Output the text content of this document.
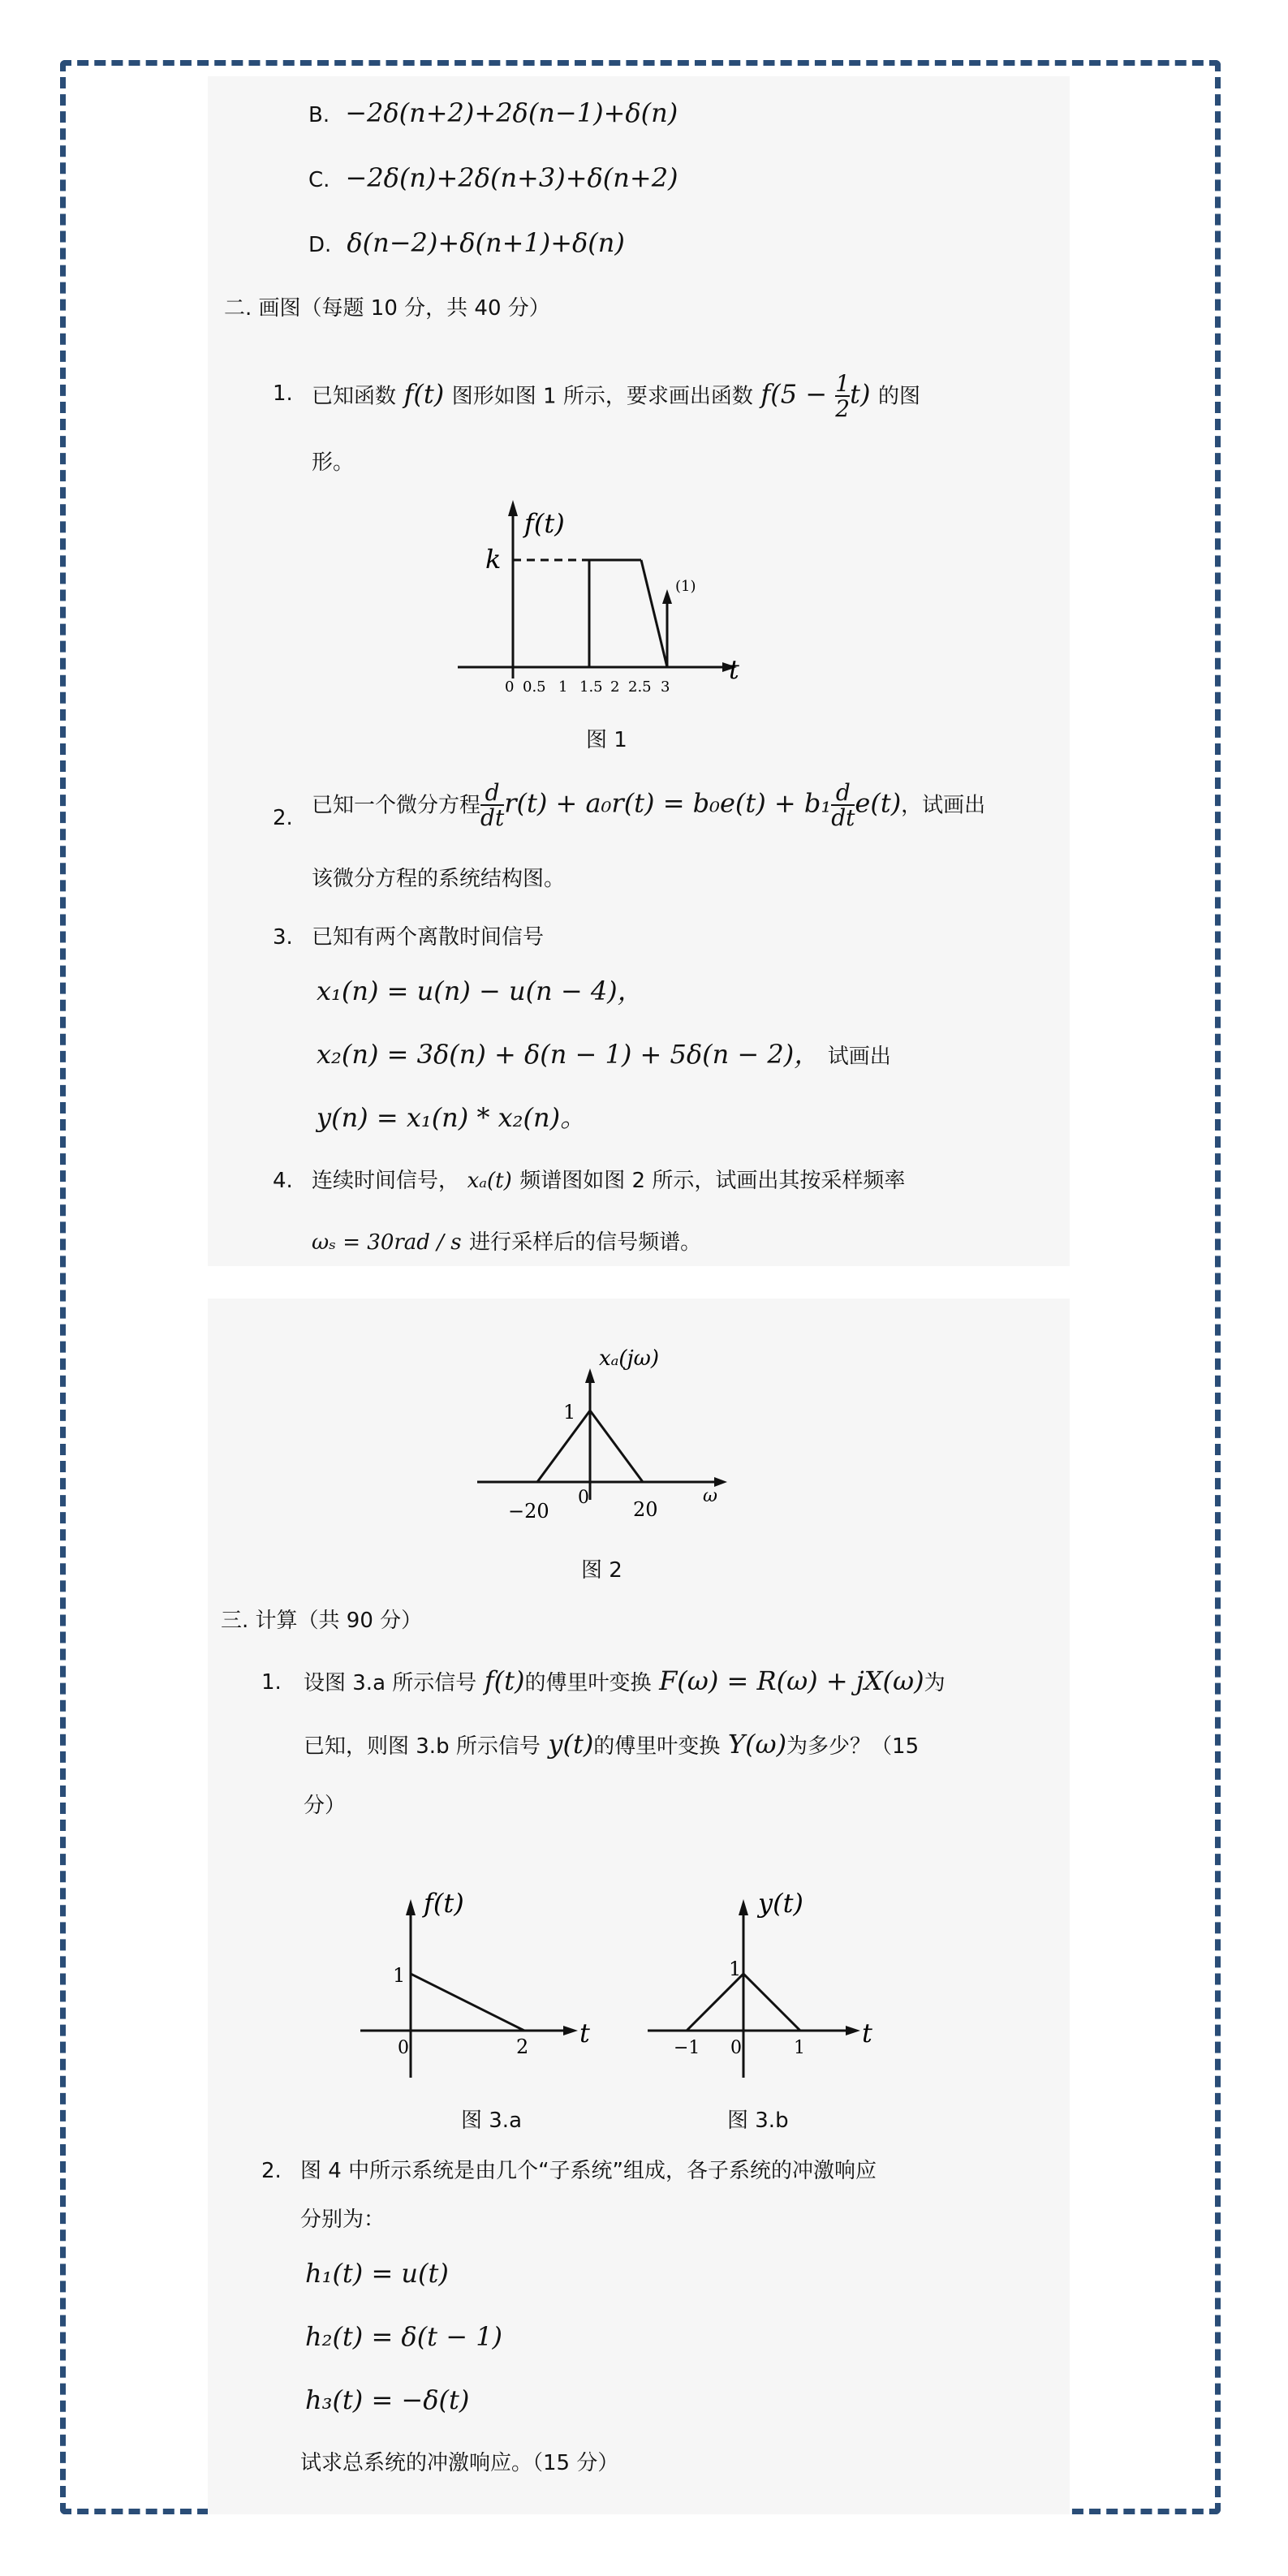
B. −2δ(n+2)+2δ(n−1)+δ(n)
C. −2δ(n)+2δ(n+3)+δ(n+2)
D. δ(n−2)+δ(n+1)+δ(n)
二. 画图（每题 10 分，共 40 分）
1. 已知函数 f(t) 图形如图 1 所示，要求画出函数 $f(5 - \frac{1}{2} t)$ 的图
形。
f(t)
k
(1)
t
0 0.5 1 1.5 2 2.5 3
图 1
2.
已知一个微分方程 $\frac{d}{dt} r(t) + a_0r(t) = b_0e(t) + b_1 \frac{d}{dt} e(t)$，试画出
该微分方程的系统结构图。
3. 已知有两个离散时间信号
x₁(n) = u(n) − u(n − 4)，
x₂(n) = 3δ(n) + δ(n − 1) + 5δ(n − 2)， 试画出
y(n) = x₁(n) * x₂(n)。
4. 连续时间信号， xₐ(t) 频谱图如图 2 所示，试画出其按采样频率
ωₛ = 30rad / s 进行采样后的信号频谱。
xₐ(jω)
1
−20
0
20
ω
图 2
三. 计算（共 90 分）
1. 设图 3.a 所示信号 f(t)的傅里叶变换 F(ω) = R(ω) + jX(ω)为
已知，则图 3.b 所示信号 y(t)的傅里叶变换 Y(ω)为多少？（15
分）
f(t)
1
0	2 t
y(t)
1
−1 0	1 t
图 3.a	图 3.b
2. 图 4 中所示系统是由几个“子系统”组成，各子系统的冲激响应
分别为：
h₁(t) = u(t)
h₂(t) = δ(t − 1)
h₃(t) = −δ(t)
试求总系统的冲激响应。（15 分）
